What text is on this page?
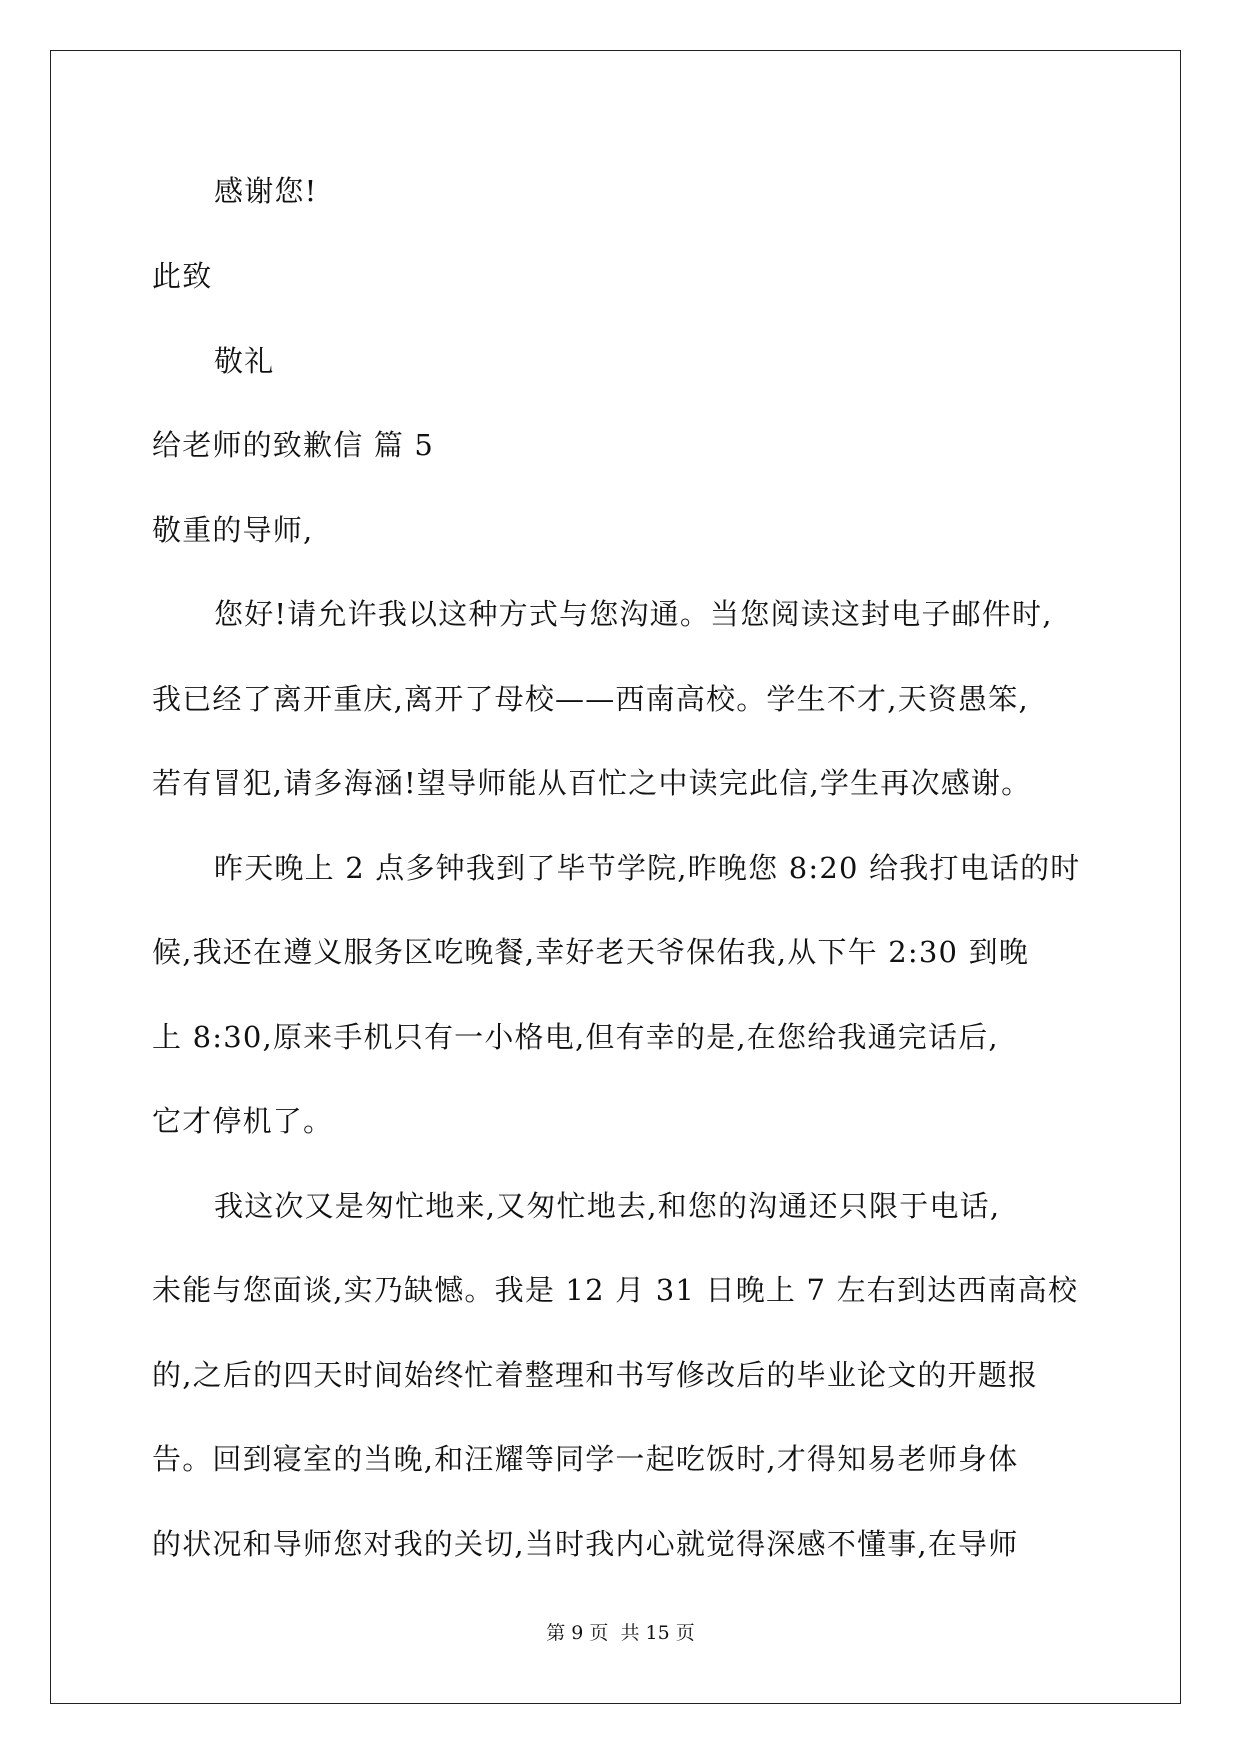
感谢您!
此致
敬礼
给老师的致歉信 篇 5
敬重的导师,
您好!请允许我以这种方式与您沟通。当您阅读这封电子邮件时,
我已经了离开重庆,离开了母校——西南高校。学生不才,天资愚笨,
若有冒犯,请多海涵!望导师能从百忙之中读完此信,学生再次感谢。
昨天晚上 2 点多钟我到了毕节学院,昨晚您 8:20 给我打电话的时
候,我还在遵义服务区吃晚餐,幸好老天爷保佑我,从下午 2:30 到晚
上 8:30,原来手机只有一小格电,但有幸的是,在您给我通完话后,
它才停机了。
我这次又是匆忙地来,又匆忙地去,和您的沟通还只限于电话,
未能与您面谈,实乃缺憾。我是 12 月 31 日晚上 7 左右到达西南高校
的,之后的四天时间始终忙着整理和书写修改后的毕业论文的开题报
告。回到寝室的当晚,和汪耀等同学一起吃饭时,才得知易老师身体
的状况和导师您对我的关切,当时我内心就觉得深感不懂事,在导师
第 9 页 共 15 页
